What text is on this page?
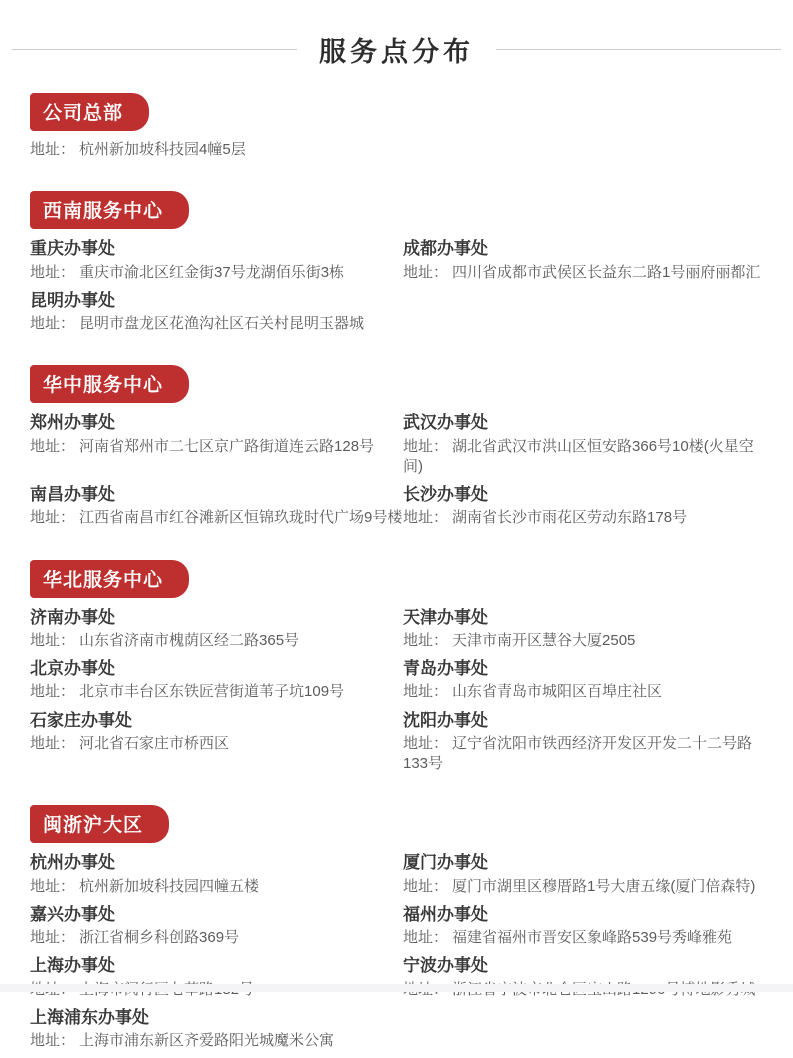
服务点分布
公司总部

地址： 杭州新加坡科技园4幢5层

西南服务中心
重庆办事处

地址： 重庆市渝北区红金街37号龙湖佰乐街3栋

成都办事处

地址： 四川省成都市武侯区长益东二路1号丽府丽都汇

昆明办事处

地址： 昆明市盘龙区花渔沟社区石关村昆明玉器城

华中服务中心
郑州办事处

地址： 河南省郑州市二七区京广路街道连云路128号

武汉办事处

地址： 湖北省武汉市洪山区恒安路366号10楼(火星空间)

南昌办事处

地址： 江西省南昌市红谷滩新区恒锦玖珑时代广场9号楼

长沙办事处

地址： 湖南省长沙市雨花区劳动东路178号

华北服务中心
济南办事处

地址： 山东省济南市槐荫区经二路365号

天津办事处

地址： 天津市南开区慧谷大厦2505

北京办事处

地址： 北京市丰台区东铁匠营街道苇子坑109号

青岛办事处

地址： 山东省青岛市城阳区百埠庄社区

石家庄办事处

地址： 河北省石家庄市桥西区

沈阳办事处

地址： 辽宁省沈阳市铁西经济开发区开发二十二号路133号

闽浙沪大区
杭州办事处

地址： 杭州新加坡科技园四幢五楼

厦门办事处

地址： 厦门市湖里区穆厝路1号大唐五缘(厦门倍森特)

嘉兴办事处

地址： 浙江省桐乡科创路369号

福州办事处

地址： 福建省福州市晋安区象峰路539号秀峰雅苑

上海办事处	宁波办事处

上海浦东办事处

地址： 上海市浦东新区齐爱路阳光城魔米公寓
